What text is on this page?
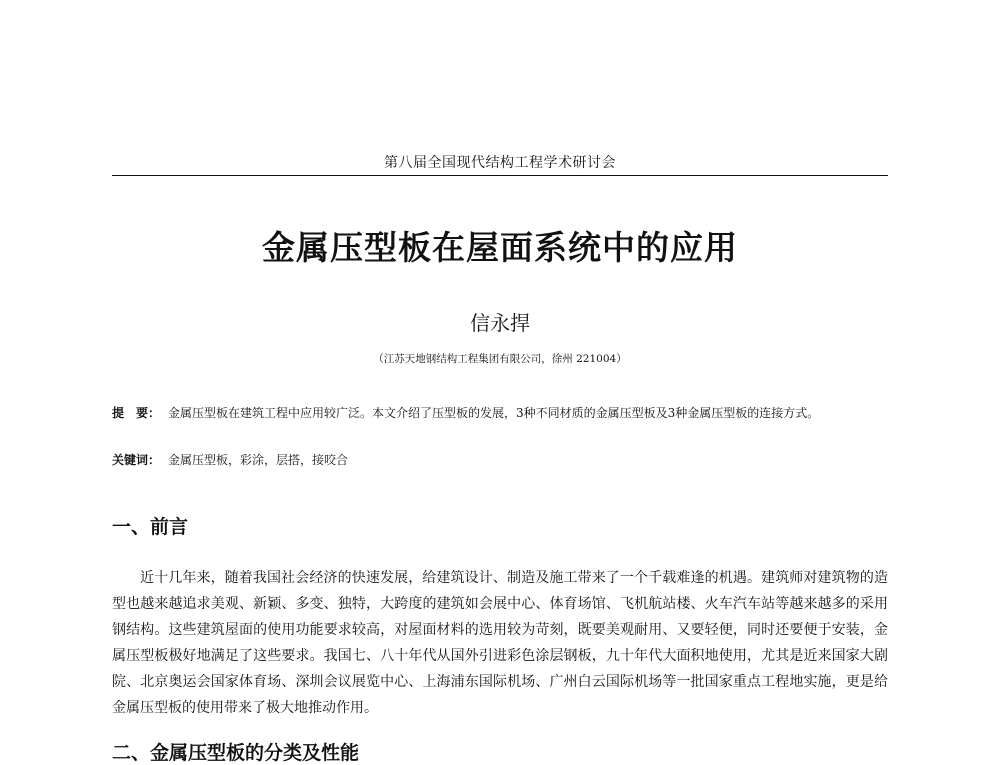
第八届全国现代结构工程学术研讨会
金属压型板在屋面系统中的应用
信永捍
（江苏天地钢结构工程集团有限公司，徐州 221004）
提　要： 金属压型板在建筑工程中应用较广泛。本文介绍了压型板的发展，3种不同材质的金属压型板及3种金属压型板的连接方式。
关键词： 金属压型板，彩涂，层搭，接咬合
一、前言

近十几年来，随着我国社会经济的快速发展，给建筑设计、制造及施工带来了一个千载难逢的机遇。建筑师对建筑物的造型也越来越追求美观、新颖、多变、独特，大跨度的建筑如会展中心、体育场馆、飞机航站楼、火车汽车站等越来越多的采用钢结构。这些建筑屋面的使用功能要求较高，对屋面材料的选用较为苛刻，既要美观耐用、又要轻便，同时还要便于安装，金属压型板极好地满足了这些要求。我国七、八十年代从国外引进彩色涂层钢板，九十年代大面积地使用，尤其是近来国家大剧院、北京奥运会国家体育场、深圳会议展览中心、上海浦东国际机场、广州白云国际机场等一批国家重点工程地实施，更是给金属压型板的使用带来了极大地推动作用。

二、金属压型板的分类及性能
